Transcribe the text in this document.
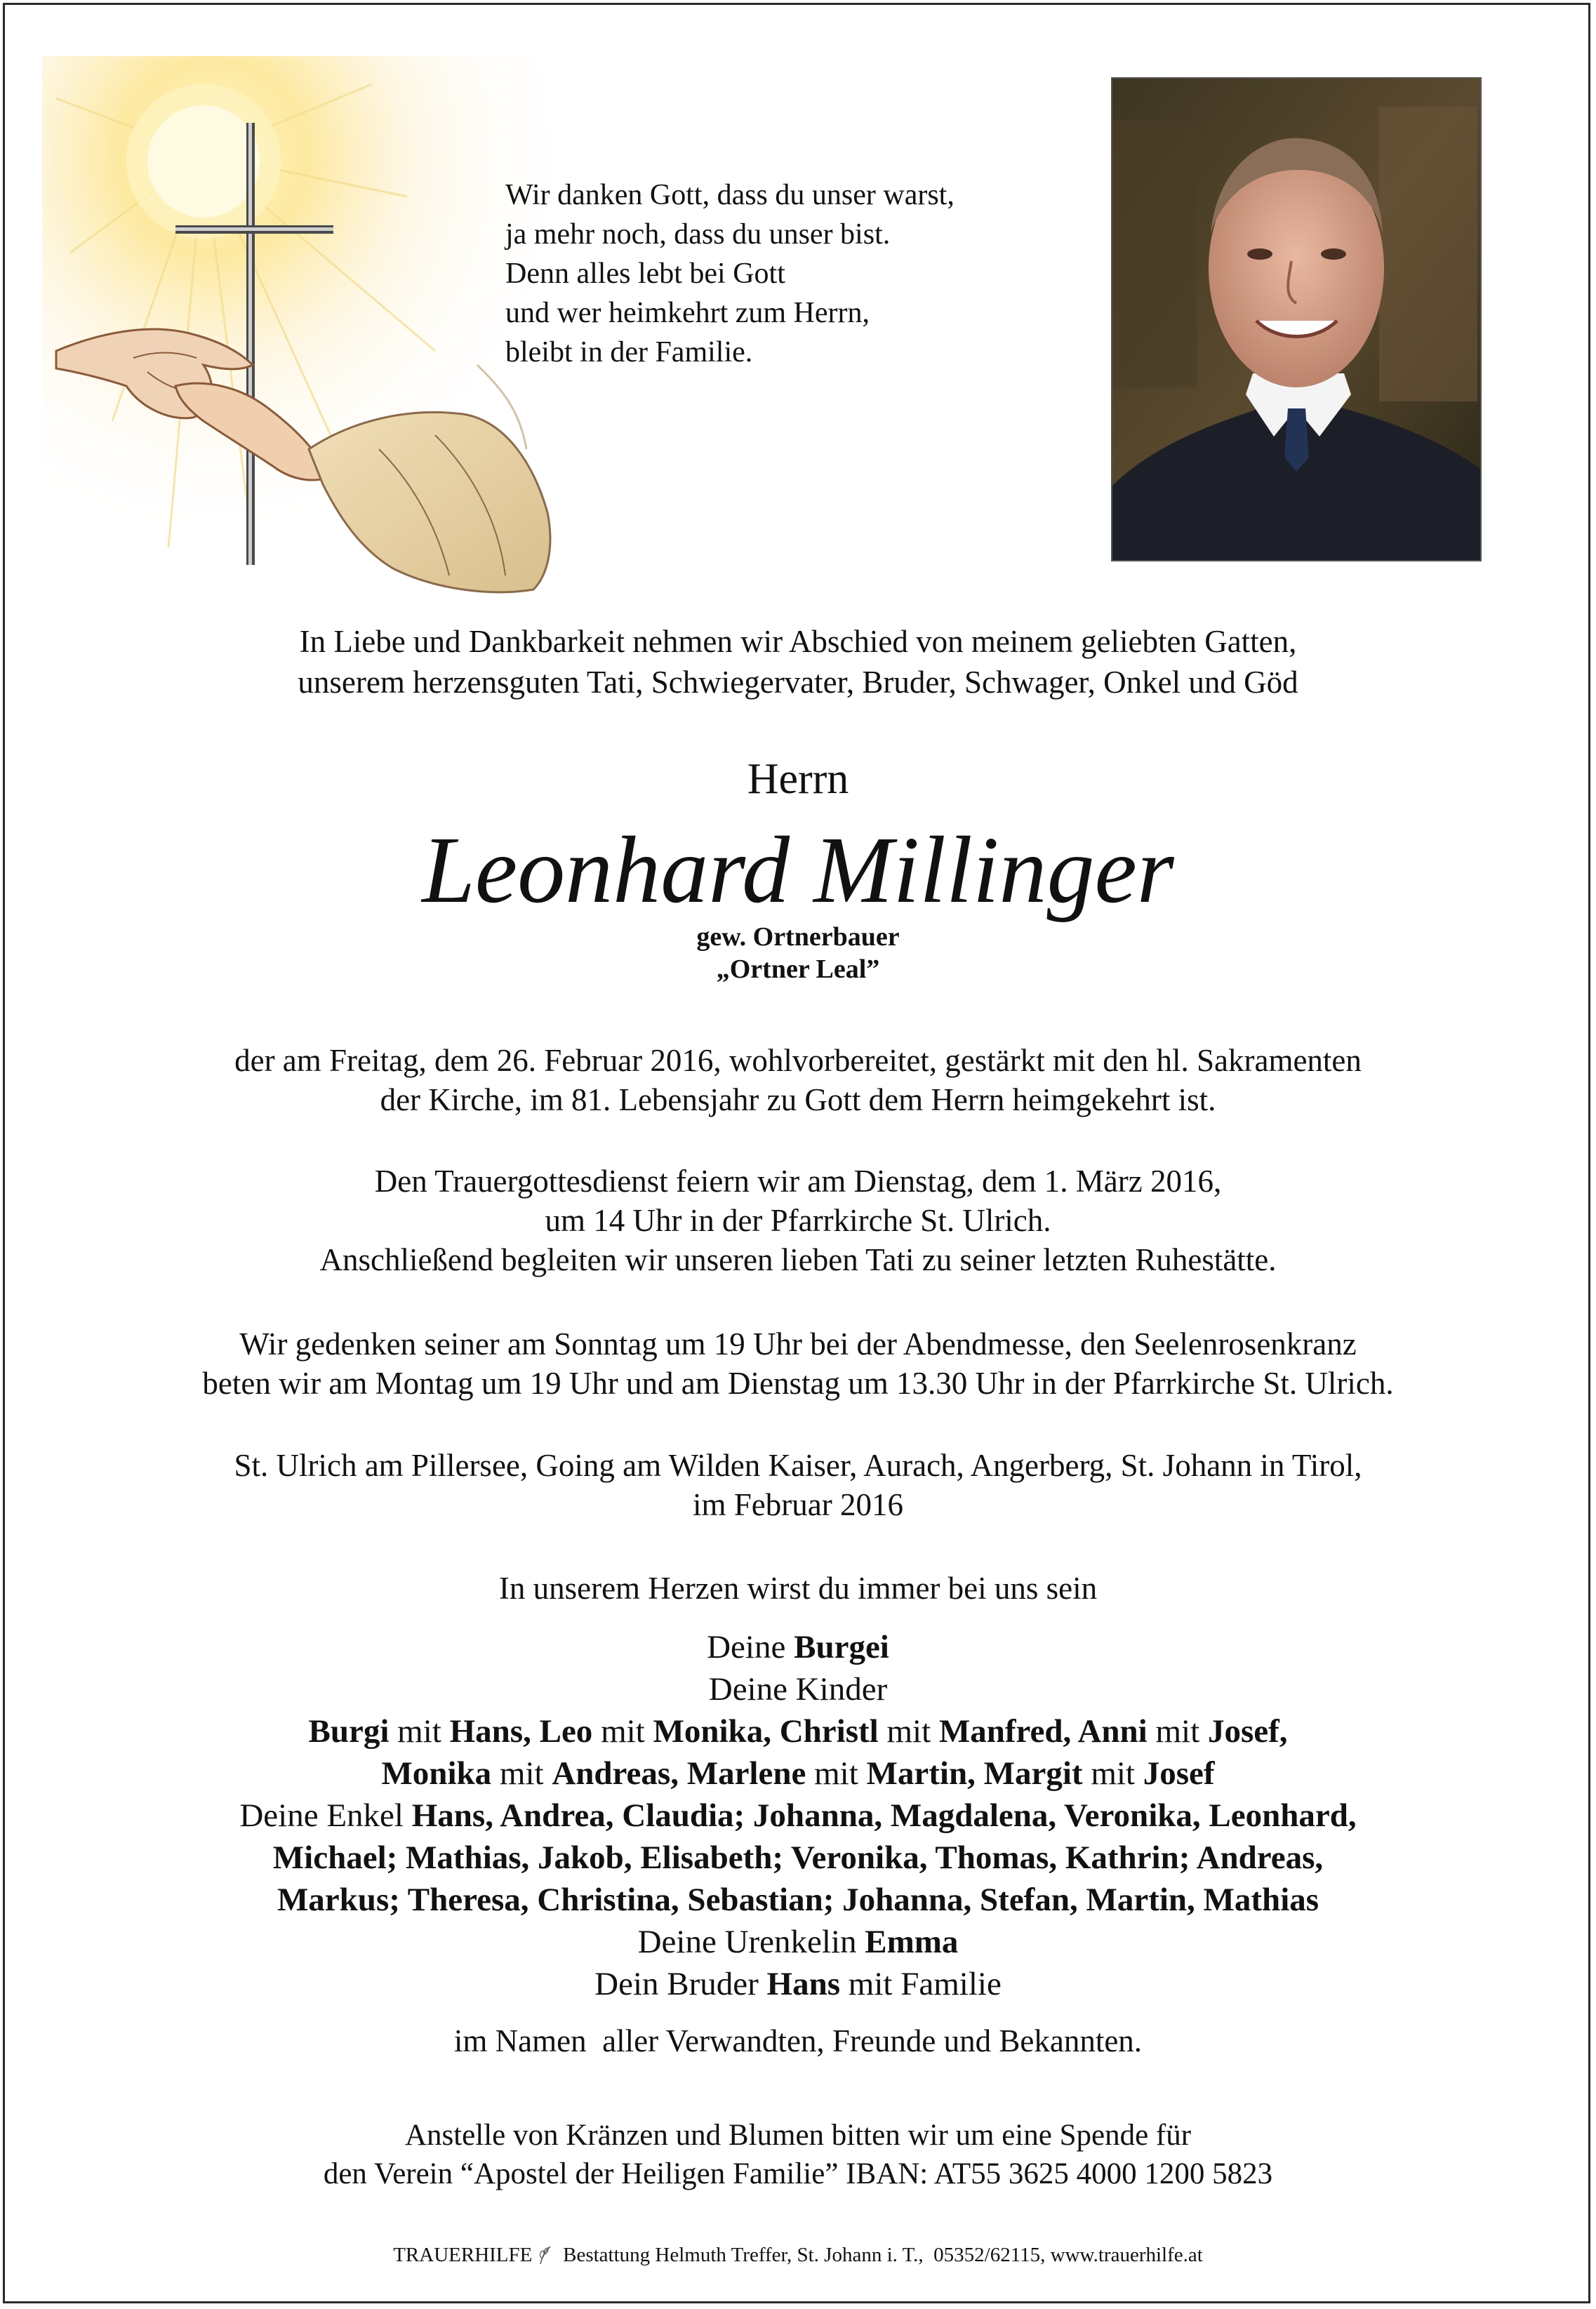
Wir danken Gott, dass du unser warst,
ja mehr noch, dass du unser bist.
Denn alles lebt bei Gott
und wer heimkehrt zum Herrn,
bleibt in der Familie.
In Liebe und Dankbarkeit nehmen wir Abschied von meinem geliebten Gatten,
unserem herzensguten Tati, Schwiegervater, Bruder, Schwager, Onkel und Göd
Herrn
Leonhard Millinger
gew. Ortnerbauer
„Ortner Leal”
der am Freitag, dem 26. Februar 2016, wohlvorbereitet, gestärkt mit den hl. Sakramenten
der Kirche, im 81. Lebensjahr zu Gott dem Herrn heimgekehrt ist.
Den Trauergottesdienst feiern wir am Dienstag, dem 1. März 2016,
um 14 Uhr in der Pfarrkirche St. Ulrich.
Anschließend begleiten wir unseren lieben Tati zu seiner letzten Ruhestätte.
Wir gedenken seiner am Sonntag um 19 Uhr bei der Abendmesse, den Seelenrosenkranz
beten wir am Montag um 19 Uhr und am Dienstag um 13.30 Uhr in der Pfarrkirche St. Ulrich.
St. Ulrich am Pillersee, Going am Wilden Kaiser, Aurach, Angerberg, St. Johann in Tirol,
im Februar 2016
In unserem Herzen wirst du immer bei uns sein
Deine Burgei
Deine Kinder
Burgi mit Hans, Leo mit Monika, Christl mit Manfred, Anni mit Josef,
Monika mit Andreas, Marlene mit Martin, Margit mit Josef
Deine Enkel Hans, Andrea, Claudia; Johanna, Magdalena, Veronika, Leonhard,
Michael; Mathias, Jakob, Elisabeth; Veronika, Thomas, Kathrin; Andreas,
Markus; Theresa, Christina, Sebastian; Johanna, Stefan, Martin, Mathias
Deine Urenkelin Emma
Dein Bruder Hans mit Familie
im Namen  aller Verwandten, Freunde und Bekannten.
Anstelle von Kränzen und Blumen bitten wir um eine Spende für
den Verein “Apostel der Heiligen Familie” IBAN: AT55 3625 4000 1200 5823
TRAUERHILFE   Bestattung Helmuth Treffer, St. Johann i. T.,  05352/62115, www.trauerhilfe.at
